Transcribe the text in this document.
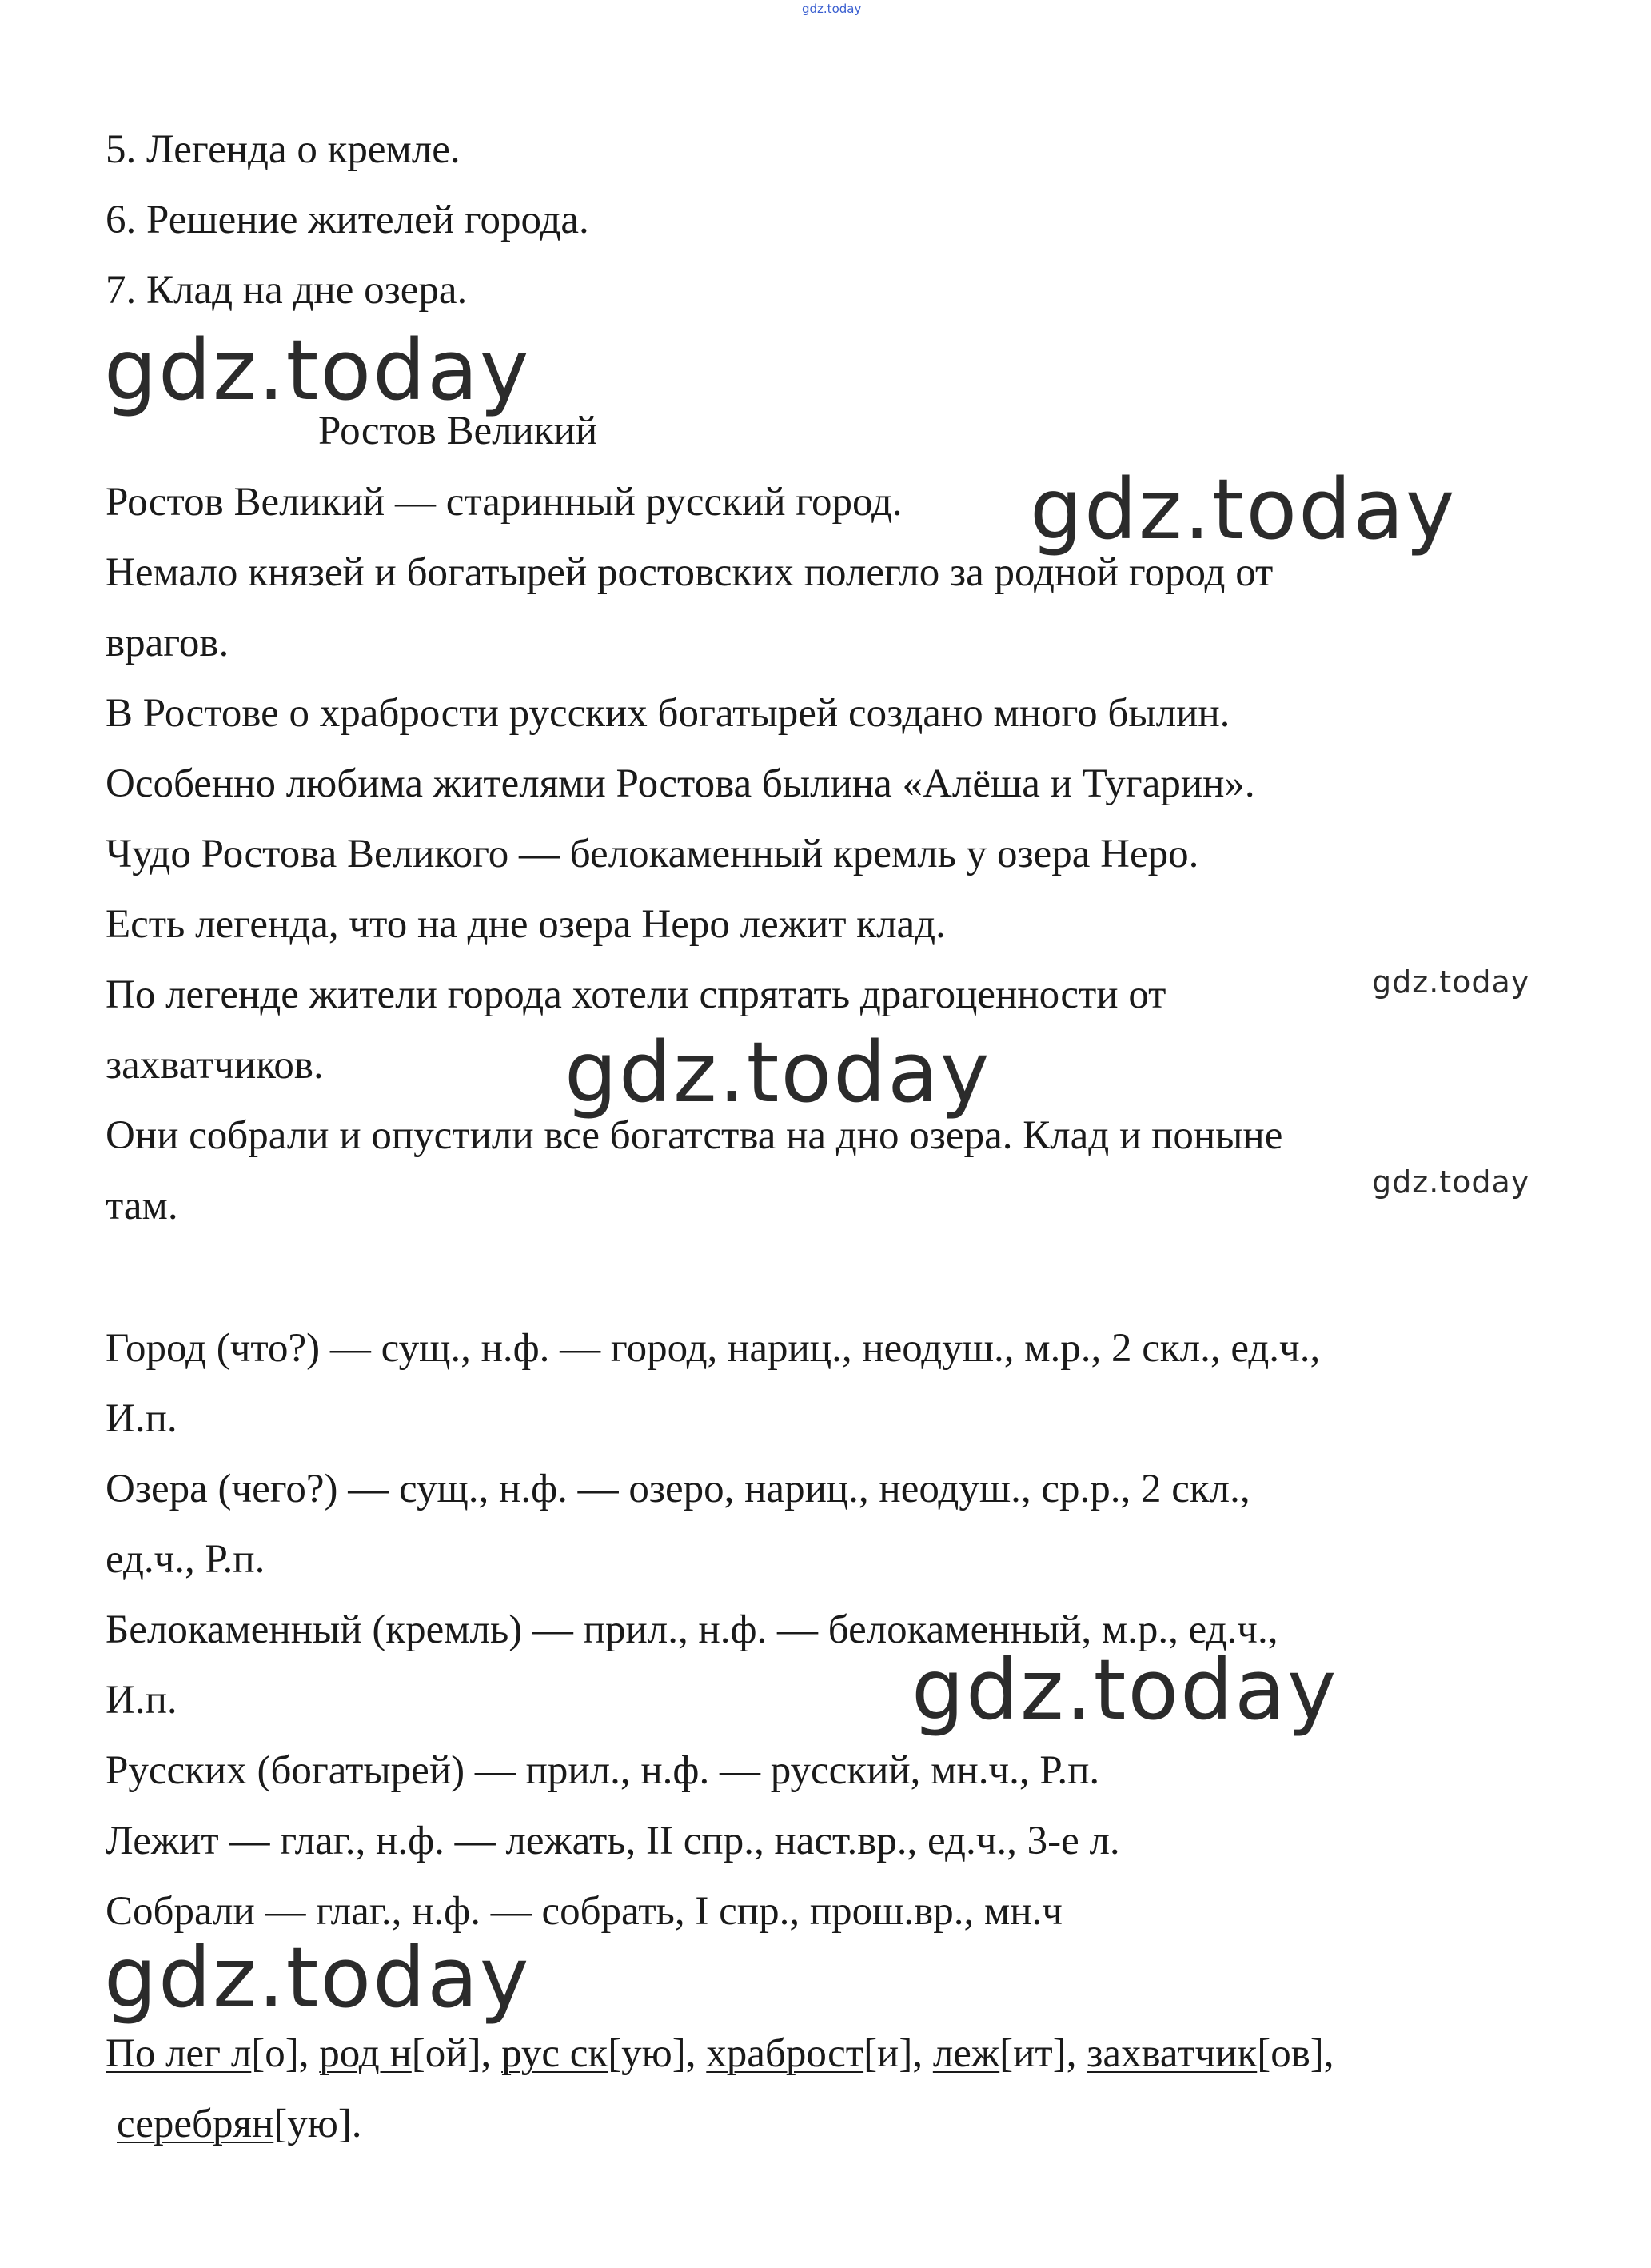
gdz.today
5. Легенда о кремле.
6. Решение жителей города.
7. Клад на дне озера.
gdz.today
Ростов Великий
Ростов Великий — старинный русский город. gdz.today
Немало князей и богатырей ростовских полегло за родной город от
врагов.
В Ростове о храбрости русских богатырей создано много былин.
Особенно любима жителями Ростова былина «Алёша и Тугарин».
Чудо Ростова Великого — белокаменный кремль у озера Неро.
Есть легенда, что на дне озера Неро лежит клад.
По легенде жители города хотели спрятать драгоценности от	gdz.today
захватчиков.	gdz.today
Они собрали и опустили все богатства на дно озера. Клад и поныне
там.
gdz.today
Город (что?) — сущ., н.ф. — город, нариц., неодуш., м.р., 2 скл., ед.ч.,
И.п.
Озера (чего?) — сущ., н.ф. — озеро, нариц., неодуш., ср.р., 2 скл.,
ед.ч., Р.п.
Белокаменный (кремль) — прил., н.ф. — белокаменный, м.р., ед.ч.,
И.п.	gdz.today
Русских (богатырей) — прил., н.ф. — русский, мн.ч., Р.п.
Лежит — глаг., н.ф. — лежать, II спр., наст.вр., ед.ч., 3-е л.
Собрали — глаг., н.ф. — собрать, I спр., прош.вр., мн.ч
gdz.today
По лег л[о], род н[ой], рус ск[ую], храброст[и], леж[ит], захватчик[ов],
серебрян[ую].
